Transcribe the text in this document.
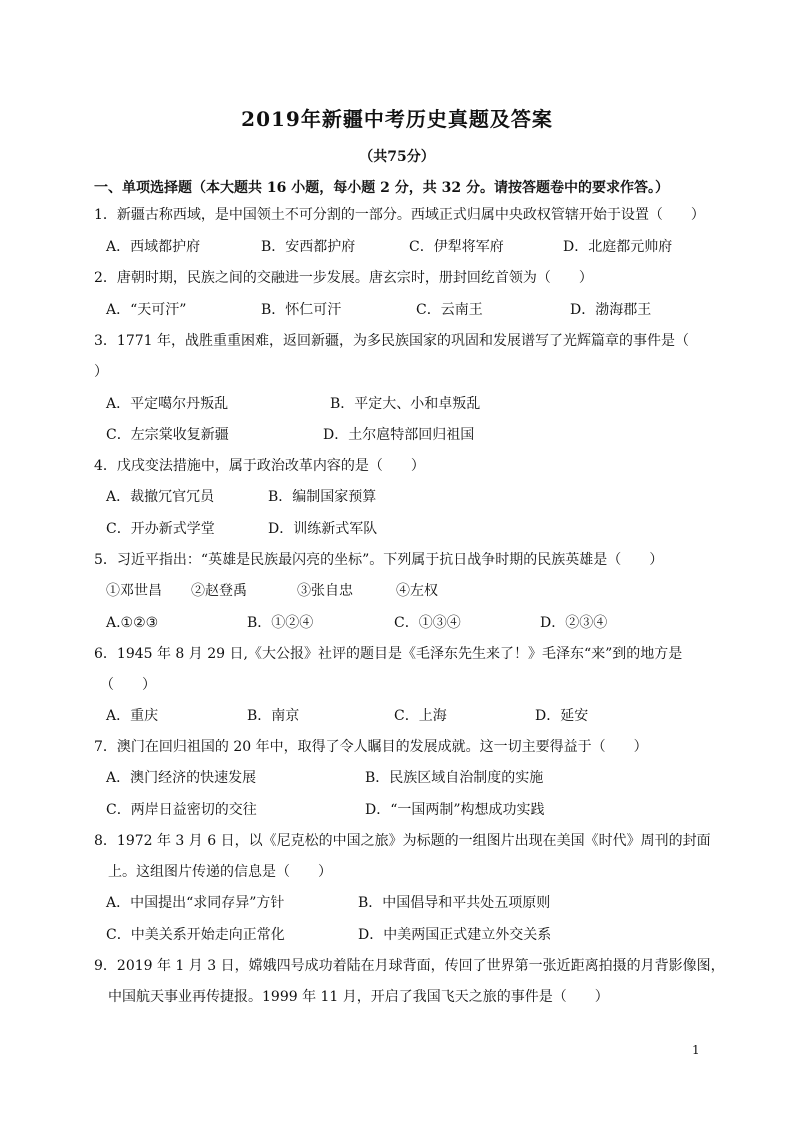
2019年新疆中考历史真题及答案
（共75分）
一、单项选择题（本大题共 16 小题，每小题 2 分，共 32 分。请按答题卷中的要求作答。）
1．新疆古称西域，是中国领土不可分割的一部分。西域正式归属中央政权管辖开始于设置（　　）
A．西域都护府	B．安西都护府	C．伊犁将军府	D．北庭都元帅府
2．唐朝时期，民族之间的交融进一步发展。唐玄宗时，册封回纥首领为（　　）
A．“天可汗”	B．怀仁可汗	C．云南王	D．渤海郡王
3．1771 年，战胜重重困难，返回新疆，为多民族国家的巩固和发展谱写了光辉篇章的事件是（
）
A．平定噶尔丹叛乱	B．平定大、小和卓叛乱
C．左宗棠收复新疆	D．土尔扈特部回归祖国
4．戊戌变法措施中，属于政治改革内容的是（　　）
A．裁撤冗官冗员	B．编制国家预算
C．开办新式学堂	D．训练新式军队
5．习近平指出：“英雄是民族最闪亮的坐标”。下列属于抗日战争时期的民族英雄是（　　）
①邓世昌 ②赵登禹	③张自忠	④左权
A.①②③	B．①②④	C．①③④	D．②③④
6．1945 年 8 月 29 日,《大公报》社评的题目是《毛泽东先生来了！》毛泽东“来”到的地方是
（　　）
A．重庆	B．南京	C．上海	D．延安
7．澳门在回归祖国的 20 年中，取得了令人瞩目的发展成就。这一切主要得益于（　　）
A．澳门经济的快速发展	B．民族区域自治制度的实施
C．两岸日益密切的交往	D．“一国两制”构想成功实践
8．1972 年 3 月 6 日，以《尼克松的中国之旅》为标题的一组图片出现在美国《时代》周刊的封面
上。这组图片传递的信息是（　　）
A．中国提出“求同存异”方针	B．中国倡导和平共处五项原则
C．中美关系开始走向正常化	D．中美两国正式建立外交关系
9．2019 年 1 月 3 日，嫦娥四号成功着陆在月球背面，传回了世界第一张近距离拍摄的月背影像图，
中国航天事业再传捷报。1999 年 11 月，开启了我国飞天之旅的事件是（　　）
1
